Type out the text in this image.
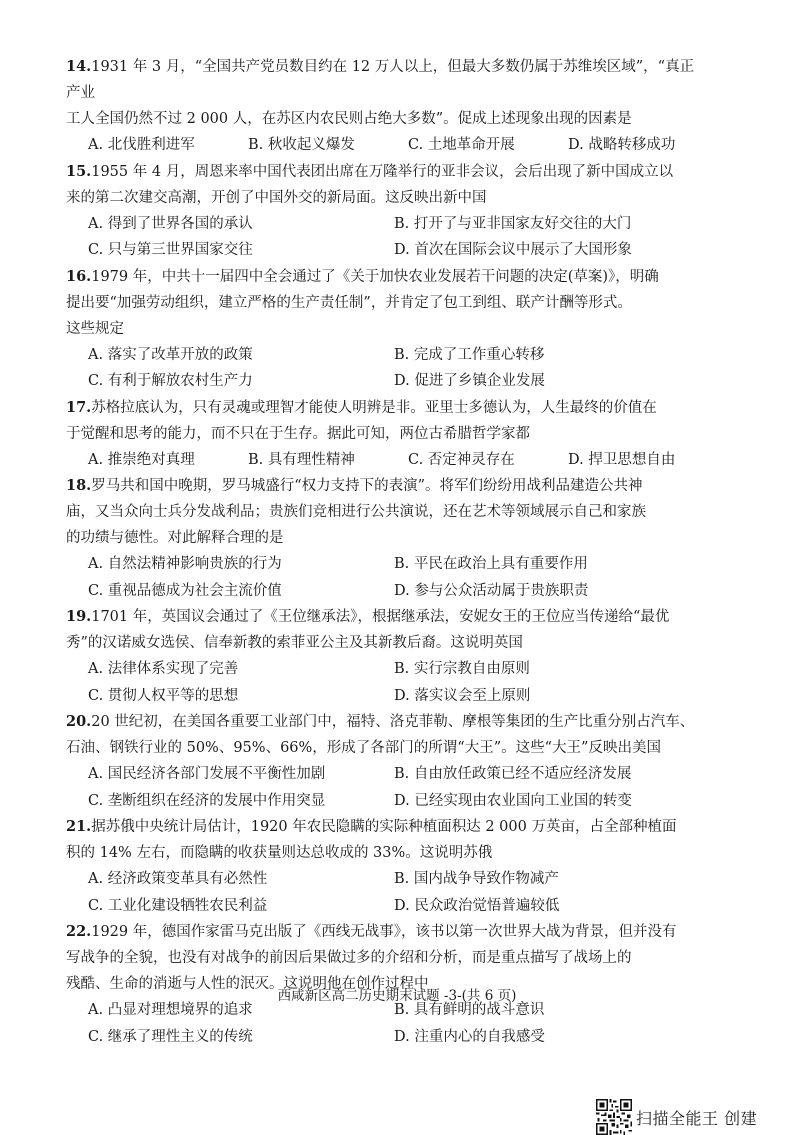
14.1931 年 3 月，“全国共产党员数目约在 12 万人以上，但最大多数仍属于苏维埃区域”，“真正产业
工人全国仍然不过 2 000 人，在苏区内农民则占绝大多数”。促成上述现象出现的因素是
A. 北伐胜利进军	B. 秋收起义爆发	C. 土地革命开展	D. 战略转移成功
15.1955 年 4 月，周恩来率中国代表团出席在万隆举行的亚非会议，会后出现了新中国成立以
来的第二次建交高潮，开创了中国外交的新局面。这反映出新中国
A. 得到了世界各国的承认	B. 打开了与亚非国家友好交往的大门
C. 只与第三世界国家交往	D. 首次在国际会议中展示了大国形象
16.1979 年，中共十一届四中全会通过了《关于加快农业发展若干问题的决定(草案)》，明确
提出要“加强劳动组织，建立严格的生产责任制”，并肯定了包工到组、联产计酬等形式。
这些规定
A. 落实了改革开放的政策	B. 完成了工作重心转移
C. 有利于解放农村生产力	D. 促进了乡镇企业发展
17.苏格拉底认为，只有灵魂或理智才能使人明辨是非。亚里士多德认为，人生最终的价值在
于觉醒和思考的能力，而不只在于生存。据此可知，两位古希腊哲学家都
A. 推崇绝对真理	B. 具有理性精神	C. 否定神灵存在	D. 捍卫思想自由
18.罗马共和国中晚期，罗马城盛行“权力支持下的表演”。将军们纷纷用战利品建造公共神
庙，又当众向士兵分发战利品；贵族们竞相进行公共演说，还在艺术等领域展示自己和家族
的功绩与德性。对此解释合理的是
A. 自然法精神影响贵族的行为	B. 平民在政治上具有重要作用
C. 重视品德成为社会主流价值	D. 参与公众活动属于贵族职责
19.1701 年，英国议会通过了《王位继承法》，根据继承法，安妮女王的王位应当传递给“最优
秀”的汉诺威女选侯、信奉新教的索菲亚公主及其新教后裔。这说明英国
A. 法律体系实现了完善	B. 实行宗教自由原则
C. 贯彻人权平等的思想	D. 落实议会至上原则
20.20 世纪初，在美国各重要工业部门中，福特、洛克菲勒、摩根等集团的生产比重分别占汽车、
石油、钢铁行业的 50%、95%、66%，形成了各部门的所谓“大王”。这些“大王”反映出美国
A. 国民经济各部门发展不平衡性加剧	B. 自由放任政策已经不适应经济发展
C. 垄断组织在经济的发展中作用突显	D. 已经实现由农业国向工业国的转变
21.据苏俄中央统计局估计，1920 年农民隐瞒的实际种植面积达 2 000 万英亩，占全部种植面
积的 14% 左右，而隐瞒的收获量则达总收成的 33%。这说明苏俄
A. 经济政策变革具有必然性	B. 国内战争导致作物减产
C. 工业化建设牺牲农民利益	D. 民众政治觉悟普遍较低
22.1929 年，德国作家雷马克出版了《西线无战事》，该书以第一次世界大战为背景，但并没有
写战争的全貌，也没有对战争的前因后果做过多的介绍和分析，而是重点描写了战场上的
残酷、生命的消逝与人性的泯灭。这说明他在创作过程中
A. 凸显对理想境界的追求	B. 具有鲜明的战斗意识
C. 继承了理性主义的传统	D. 注重内心的自我感受
西咸新区高二历史期末试题 -3-(共 6 页)
扫描全能王 创建
